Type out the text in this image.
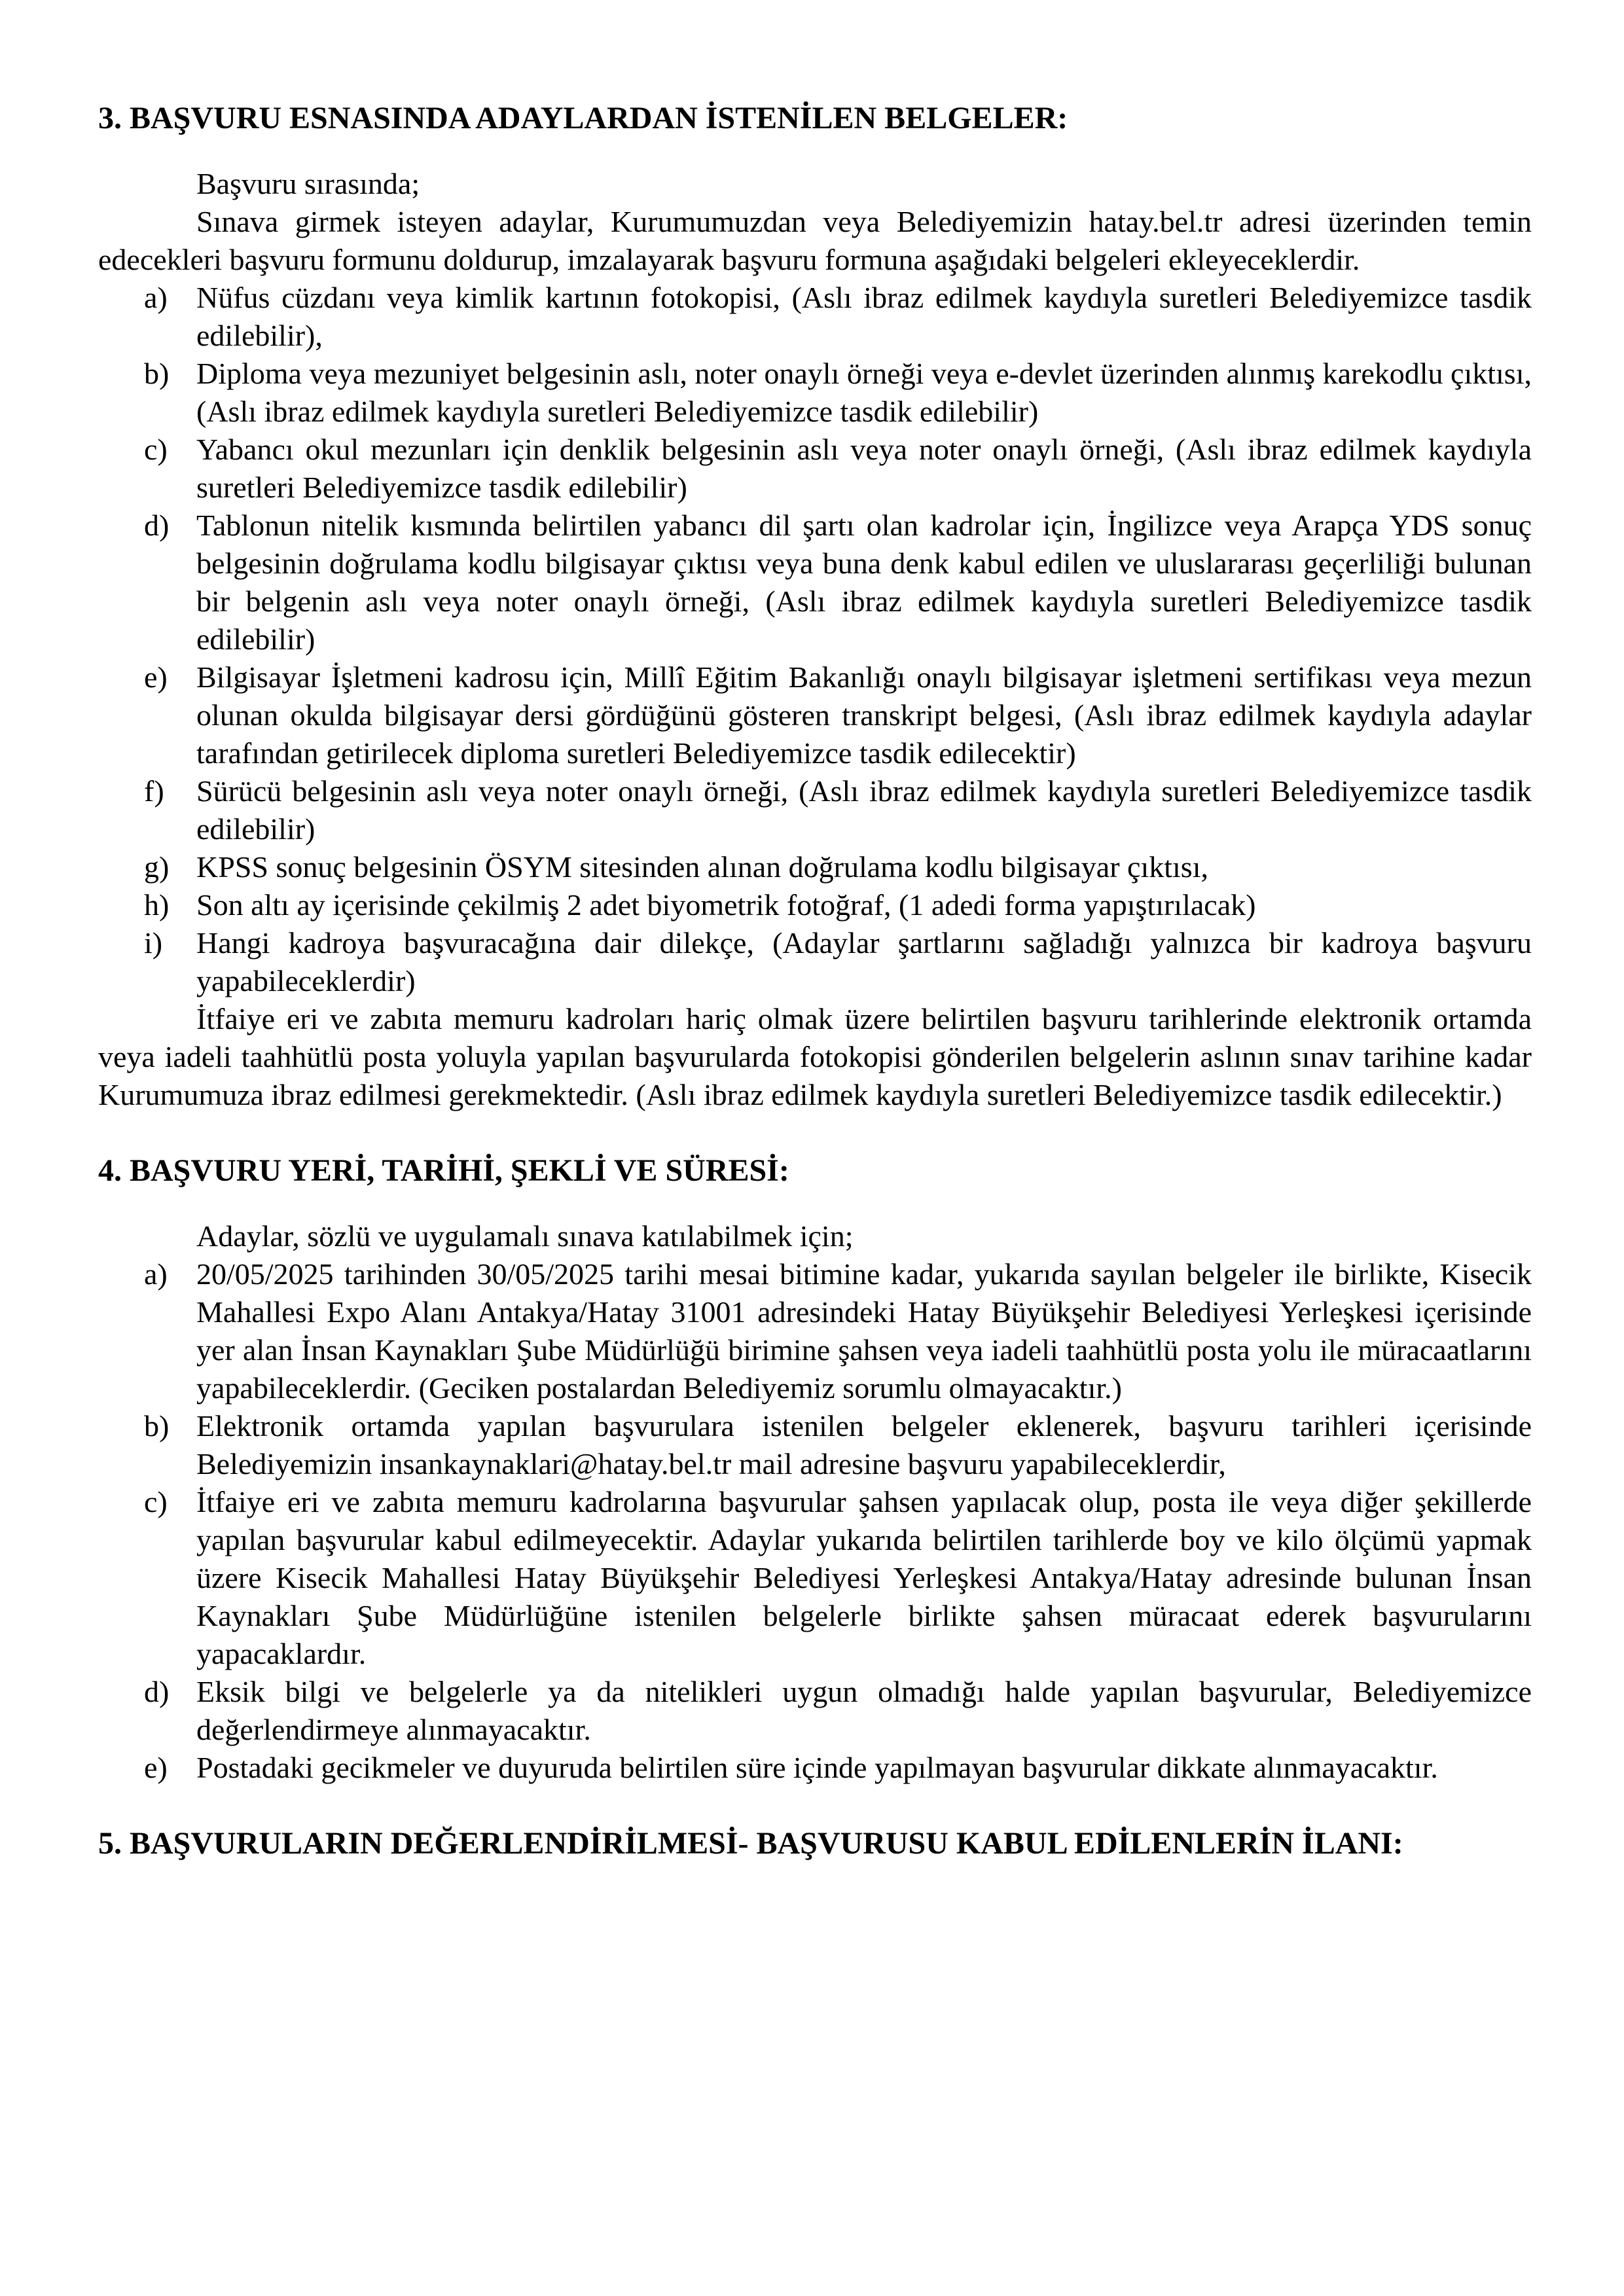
3. BAŞVURU ESNASINDA ADAYLARDAN İSTENİLEN BELGELER:

Başvuru sırasında;

Sınava girmek isteyen adaylar, Kurumumuzdan veya Belediyemizin hatay.bel.tr adresi üzerinden temin edecekleri başvuru formunu doldurup, imzalayarak başvuru formuna aşağıdaki belgeleri ekleyeceklerdir.

a) Nüfus cüzdanı veya kimlik kartının fotokopisi, (Aslı ibraz edilmek kaydıyla suretleri Belediyemizce tasdik edilebilir),
b) Diploma veya mezuniyet belgesinin aslı, noter onaylı örneği veya e-devlet üzerinden alınmış karekodlu çıktısı, (Aslı ibraz edilmek kaydıyla suretleri Belediyemizce tasdik edilebilir)
c) Yabancı okul mezunları için denklik belgesinin aslı veya noter onaylı örneği, (Aslı ibraz edilmek kaydıyla suretleri Belediyemizce tasdik edilebilir)
d) Tablonun nitelik kısmında belirtilen yabancı dil şartı olan kadrolar için, İngilizce veya Arapça YDS sonuç belgesinin doğrulama kodlu bilgisayar çıktısı veya buna denk kabul edilen ve uluslararası geçerliliği bulunan bir belgenin aslı veya noter onaylı örneği, (Aslı ibraz edilmek kaydıyla suretleri Belediyemizce tasdik edilebilir)
e) Bilgisayar İşletmeni kadrosu için, Millî Eğitim Bakanlığı onaylı bilgisayar işletmeni sertifikası veya mezun olunan okulda bilgisayar dersi gördüğünü gösteren transkript belgesi, (Aslı ibraz edilmek kaydıyla adaylar tarafından getirilecek diploma suretleri Belediyemizce tasdik edilecektir)
f) Sürücü belgesinin aslı veya noter onaylı örneği, (Aslı ibraz edilmek kaydıyla suretleri Belediyemizce tasdik edilebilir)
g) KPSS sonuç belgesinin ÖSYM sitesinden alınan doğrulama kodlu bilgisayar çıktısı,
h) Son altı ay içerisinde çekilmiş 2 adet biyometrik fotoğraf, (1 adedi forma yapıştırılacak)
i) Hangi kadroya başvuracağına dair dilekçe, (Adaylar şartlarını sağladığı yalnızca bir kadroya başvuru yapabileceklerdir)

İtfaiye eri ve zabıta memuru kadroları hariç olmak üzere belirtilen başvuru tarihlerinde elektronik ortamda veya iadeli taahhütlü posta yoluyla yapılan başvurularda fotokopisi gönderilen belgelerin aslının sınav tarihine kadar Kurumumuza ibraz edilmesi gerekmektedir. (Aslı ibraz edilmek kaydıyla suretleri Belediyemizce tasdik edilecektir.)

4. BAŞVURU YERİ, TARİHİ, ŞEKLİ VE SÜRESİ:

Adaylar, sözlü ve uygulamalı sınava katılabilmek için;

a) 20/05/2025 tarihinden 30/05/2025 tarihi mesai bitimine kadar, yukarıda sayılan belgeler ile birlikte, Kisecik Mahallesi Expo Alanı Antakya/Hatay 31001 adresindeki Hatay Büyükşehir Belediyesi Yerleşkesi içerisinde yer alan İnsan Kaynakları Şube Müdürlüğü birimine şahsen veya iadeli taahhütlü posta yolu ile müracaatlarını yapabileceklerdir. (Geciken postalardan Belediyemiz sorumlu olmayacaktır.)
b) Elektronik ortamda yapılan başvurulara istenilen belgeler eklenerek, başvuru tarihleri içerisinde Belediyemizin insankaynaklari@hatay.bel.tr mail adresine başvuru yapabileceklerdir,
c) İtfaiye eri ve zabıta memuru kadrolarına başvurular şahsen yapılacak olup, posta ile veya diğer şekillerde yapılan başvurular kabul edilmeyecektir. Adaylar yukarıda belirtilen tarihlerde boy ve kilo ölçümü yapmak üzere Kisecik Mahallesi Hatay Büyükşehir Belediyesi Yerleşkesi Antakya/Hatay adresinde bulunan İnsan Kaynakları Şube Müdürlüğüne istenilen belgelerle birlikte şahsen müracaat ederek başvurularını yapacaklardır.
d) Eksik bilgi ve belgelerle ya da nitelikleri uygun olmadığı halde yapılan başvurular, Belediyemizce değerlendirmeye alınmayacaktır.
e) Postadaki gecikmeler ve duyuruda belirtilen süre içinde yapılmayan başvurular dikkate alınmayacaktır.
5. BAŞVURULARIN DEĞERLENDİRİLMESİ- BAŞVURUSU KABUL EDİLENLERİN İLANI:
